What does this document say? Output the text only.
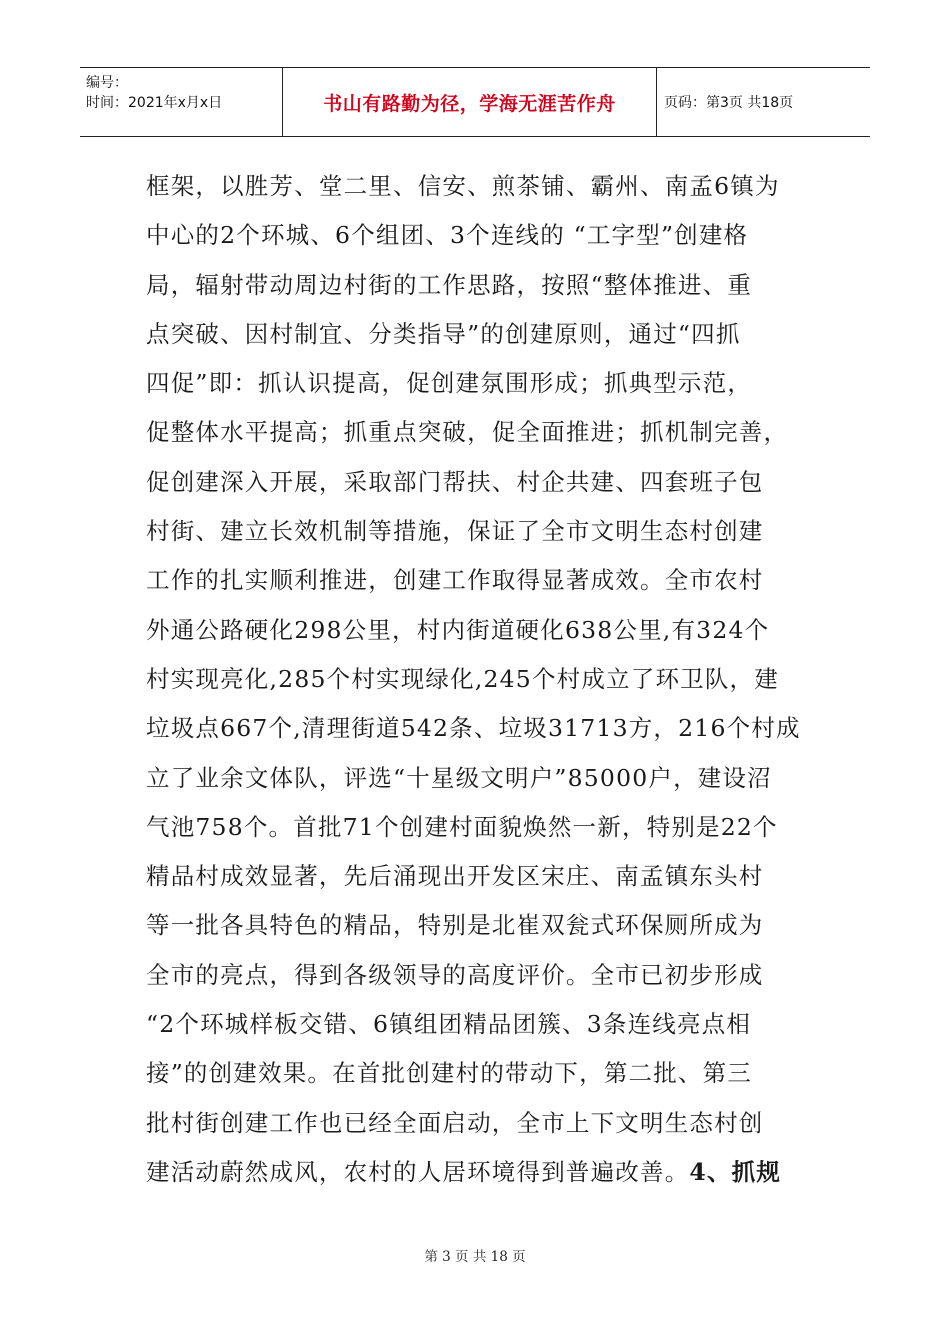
编号：
时间：2021年x月x日	书山有路勤为径，学海无涯苦作舟	页码：第3页 共18页
框架，以胜芳、堂二里、信安、煎茶铺、霸州、南孟6镇为
中心的2个环城、6个组团、3个连线的 “工字型”创建格
局，辐射带动周边村街的工作思路，按照“整体推进、重
点突破、因村制宜、分类指导”的创建原则，通过“四抓
四促”即：抓认识提高，促创建氛围形成；抓典型示范，
促整体水平提高；抓重点突破，促全面推进；抓机制完善，
促创建深入开展，采取部门帮扶、村企共建、四套班子包
村街、建立长效机制等措施，保证了全市文明生态村创建
工作的扎实顺利推进，创建工作取得显著成效。全市农村
外通公路硬化298公里，村内街道硬化638公里,有324个
村实现亮化,285个村实现绿化,245个村成立了环卫队，建
垃圾点667个,清理街道542条、垃圾31713方，216个村成
立了业余文体队，评选“十星级文明户”85000户，建设沼
气池758个。首批71个创建村面貌焕然一新，特别是22个
精品村成效显著，先后涌现出开发区宋庄、南孟镇东头村
等一批各具特色的精品，特别是北崔双瓮式环保厕所成为
全市的亮点，得到各级领导的高度评价。全市已初步形成
“2个环城样板交错、6镇组团精品团簇、3条连线亮点相
接”的创建效果。在首批创建村的带动下，第二批、第三
批村街创建工作也已经全面启动，全市上下文明生态村创
建活动蔚然成风，农村的人居环境得到普遍改善。4、抓规
第 3 页 共 18 页
